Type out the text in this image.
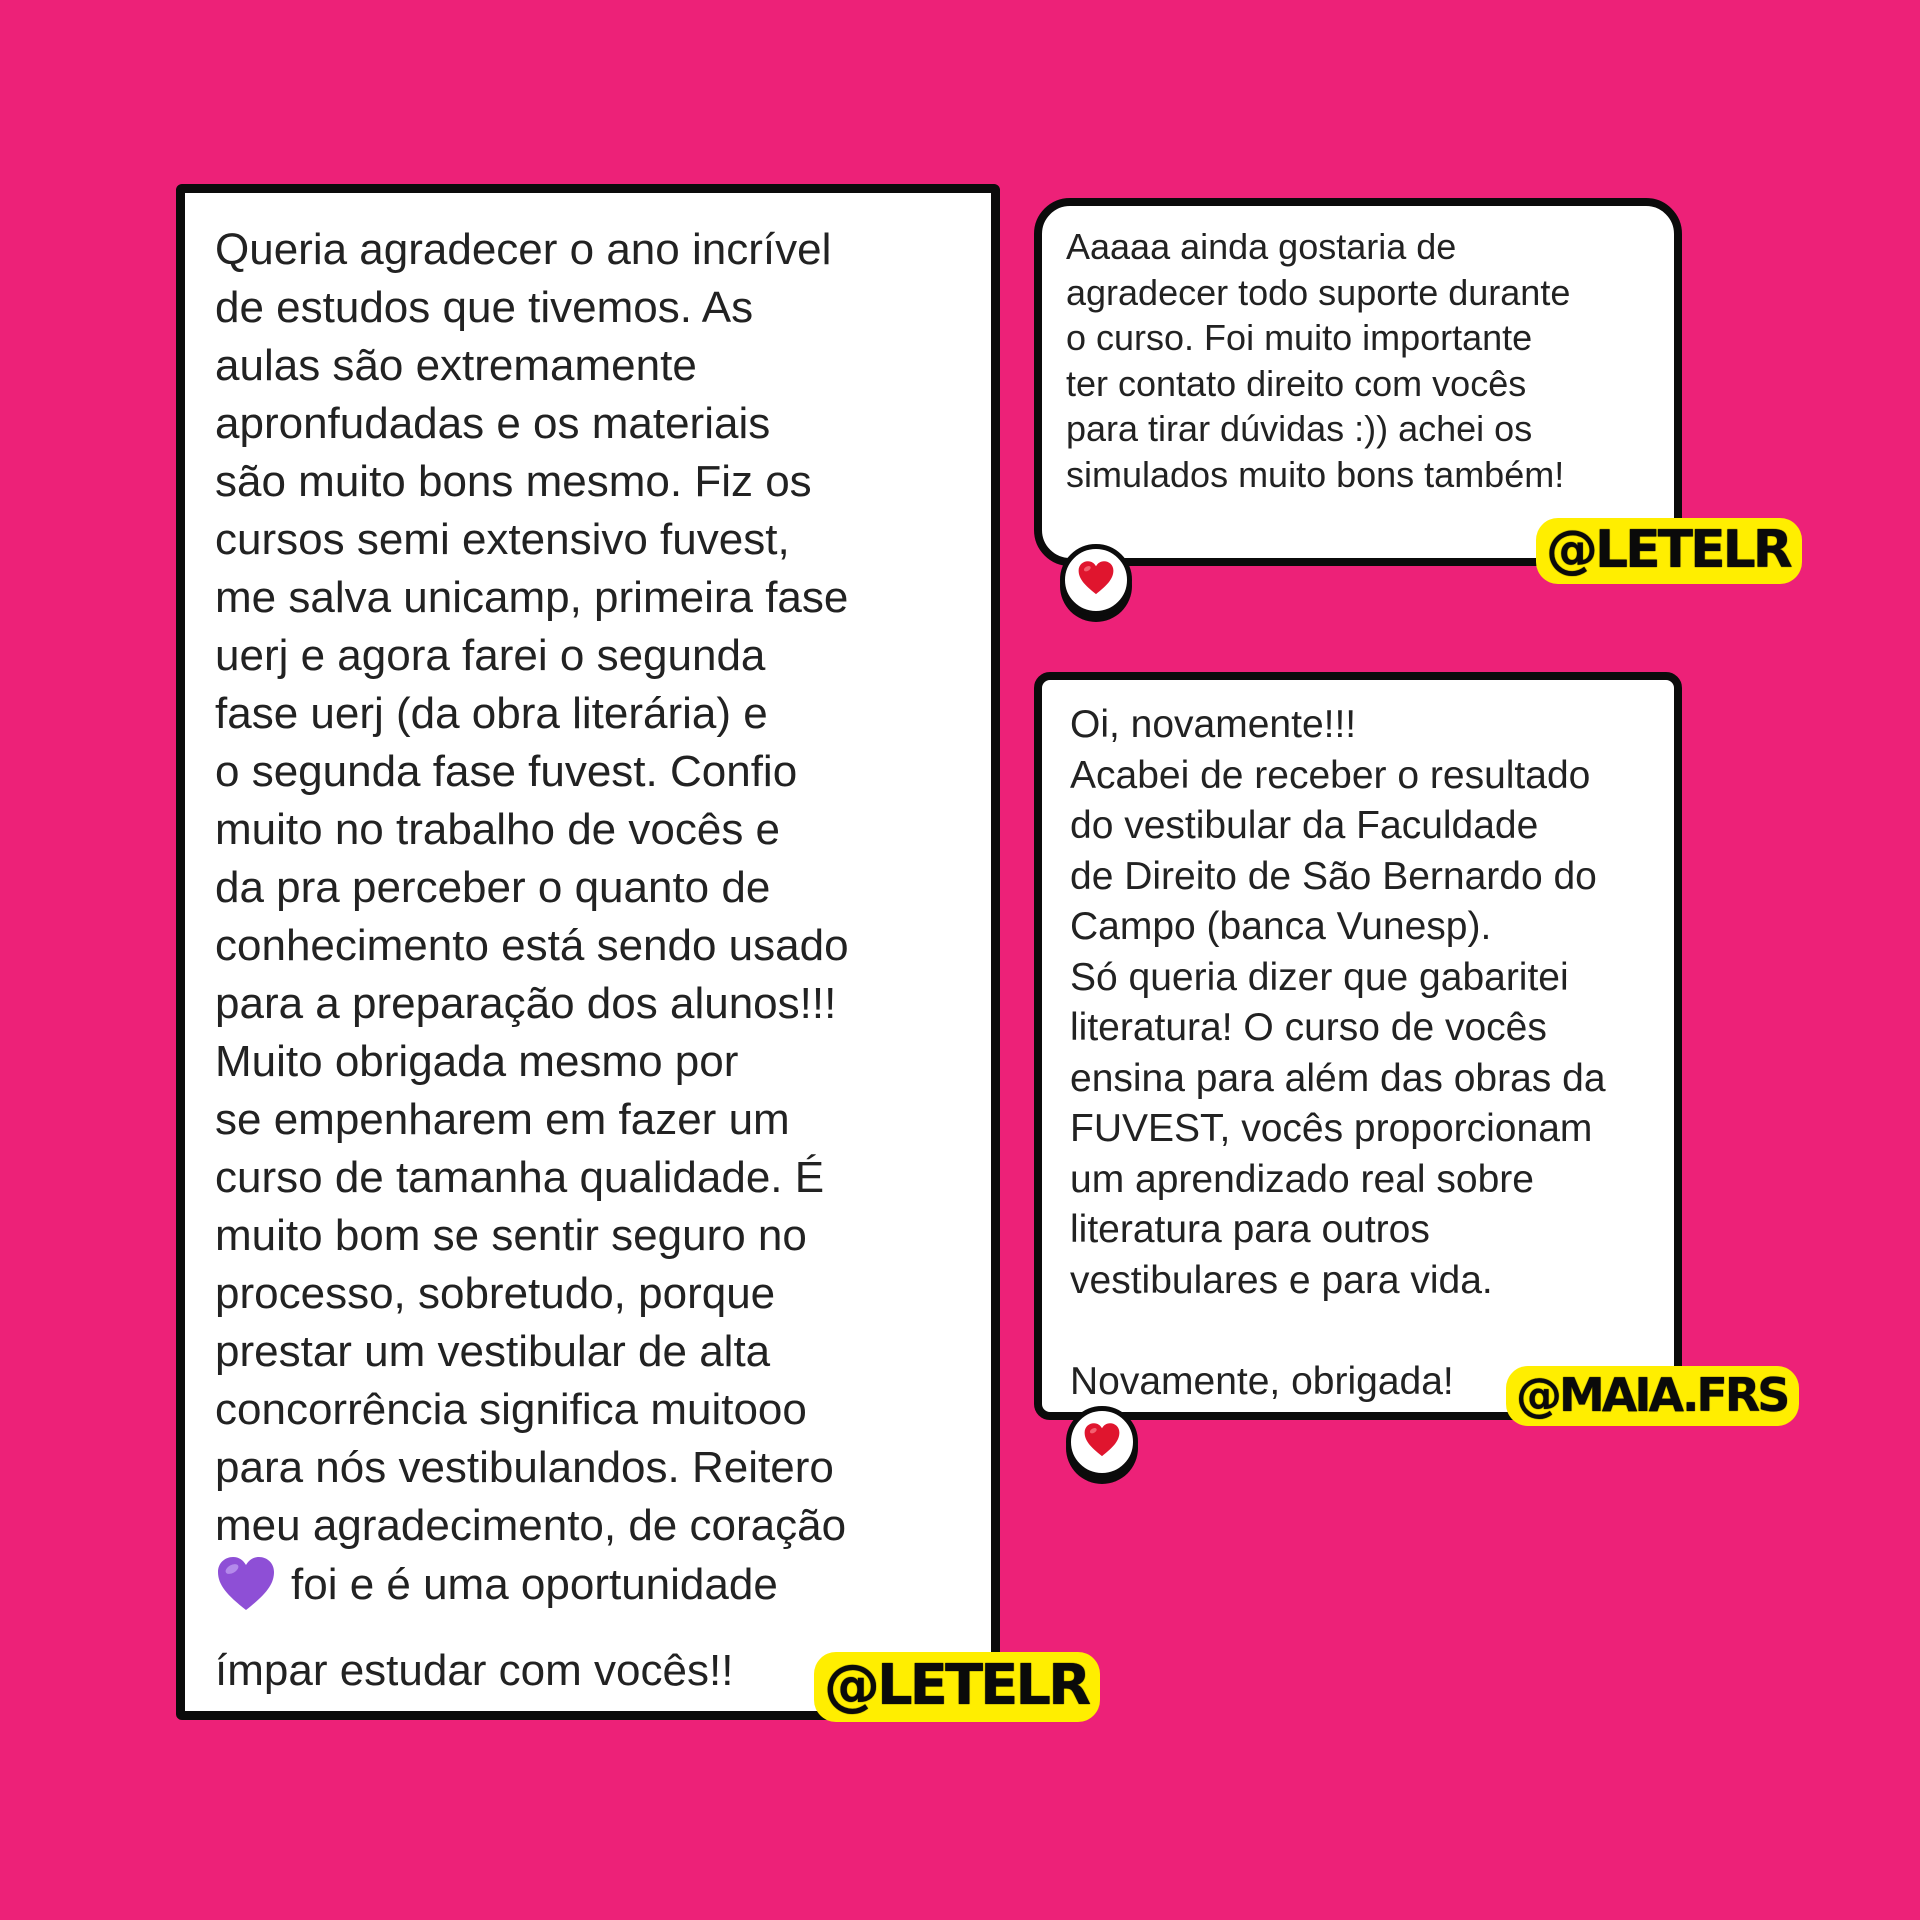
Queria agradecer o ano incrível
de estudos que tivemos. As
aulas são extremamente
apronfudadas e os materiais
são muito bons mesmo. Fiz os
cursos semi extensivo fuvest,
me salva unicamp, primeira fase
uerj e agora farei o segunda
fase uerj (da obra literária) e
o segunda fase fuvest. Confio
muito no trabalho de vocês e
da pra perceber o quanto de
conhecimento está sendo usado
para a preparação dos alunos!!!
Muito obrigada mesmo por
se empenharem em fazer um
curso de tamanha qualidade. É
muito bom se sentir seguro no
processo, sobretudo, porque
prestar um vestibular de alta
concorrência significa muitooo
para nós vestibulandos. Reitero
meu agradecimento, de coração
foi e é uma oportunidade
ímpar estudar com vocês!!
Aaaaa ainda gostaria de
agradecer todo suporte durante
o curso. Foi muito importante
ter contato direito com vocês
para tirar dúvidas :)) achei os
simulados muito bons também!
Oi, novamente!!!
Acabei de receber o resultado
do vestibular da Faculdade
de Direito de São Bernardo do
Campo (banca Vunesp).
Só queria dizer que gabaritei
literatura! O curso de vocês
ensina para além das obras da
FUVEST, vocês proporcionam
um aprendizado real sobre
literatura para outros
vestibulares e para vida.

Novamente, obrigada!
@LETELR
@MAIA.FRS
@LETELR
